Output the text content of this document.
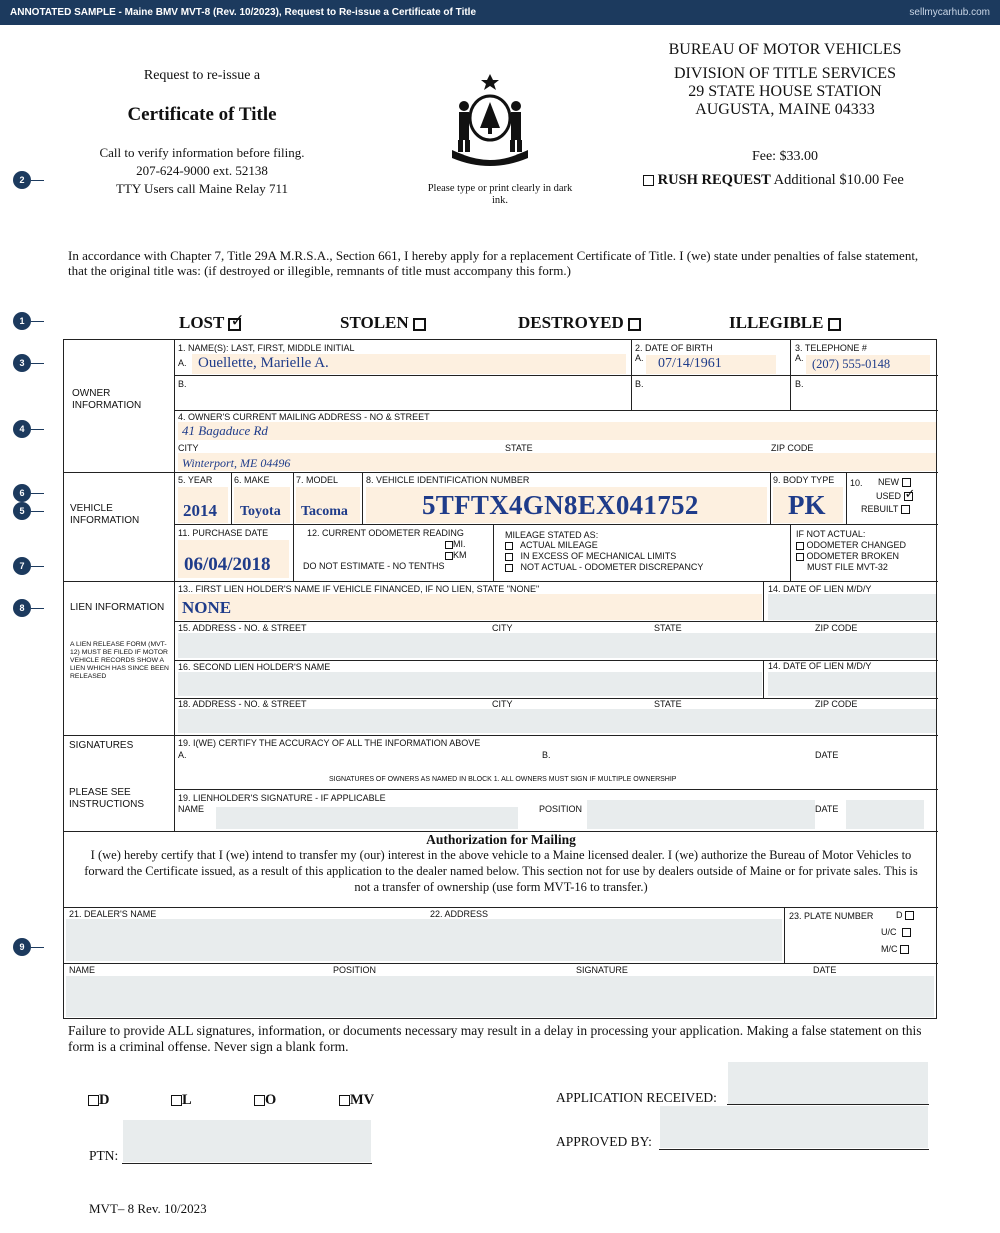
ANNOTATED SAMPLE - Maine BMV MVT-8 (Rev. 10/2023), Request to Re-issue a Certificate of Title	sellmycarhub.com
Request to re-issue a
Certificate of Title
Call to verify information before filing.
207-624-9000 ext. 52138
TTY Users call Maine Relay 711	Please type or print clearly in dark ink.
BUREAU OF MOTOR VEHICLES
DIVISION OF TITLE SERVICES
29 STATE HOUSE STATION
AUGUSTA, MAINE 04333
Fee: $33.00
RUSH REQUEST Additional $10.00 Fee
In accordance with Chapter 7, Title 29A M.R.S.A., Section 661, I hereby apply for a replacement Certificate of Title. I (we) state under penalties of false statement, that the original title was: (if destroyed or illegible, remnants of title must accompany this form.)
LOST ✓	STOLEN	DESTROYED	ILLEGIBLE
1
2
3
4
5
6
7
8
9
OWNER INFORMATION
1. NAME(S): LAST, FIRST, MIDDLE INITIAL
A. Ouellette, Marielle A.
2. DATE OF BIRTH
A. 07/14/1961
3. TELEPHONE #
A. (207) 555-0148
B.	B.	B.
4. OWNER'S CURRENT MAILING ADDRESS - NO & STREET
41 Bagaduce Rd
CITY	STATE	ZIP CODE
Winterport, ME 04496
VEHICLE INFORMATION
5. YEAR
2014
6. MAKE
Toyota
7. MODEL
Tacoma
8. VEHICLE IDENTIFICATION NUMBER
5TFTX4GN8EX041752
9. BODY TYPE
PK
10. NEW
USED ✓
REBUILT
11. PURCHASE DATE
06/04/2018
12. CURRENT ODOMETER READING
MI.
KM
DO NOT ESTIMATE - NO TENTHS
MILEAGE STATED AS:
ACTUAL MILEAGE
IN EXCESS OF MECHANICAL LIMITS
NOT ACTUAL - ODOMETER DISCREPANCY
IF NOT ACTUAL:
ODOMETER CHANGED
ODOMETER BROKEN
MUST FILE MVT-32
LIEN INFORMATION
A LIEN RELEASE FORM (MVT-12) MUST BE FILED IF MOTOR VEHICLE RECORDS SHOW A LIEN WHICH HAS SINCE BEEN RELEASED
13.. FIRST LIEN HOLDER'S NAME IF VEHICLE FINANCED, IF NO LIEN, STATE "NONE"
NONE
14. DATE OF LIEN M/D/Y
15. ADDRESS - NO. & STREET	CITY	STATE	ZIP CODE
16. SECOND LIEN HOLDER'S NAME	14. DATE OF LIEN M/D/Y
18. ADDRESS - NO. & STREET	CITY	STATE	ZIP CODE
SIGNATURES
PLEASE SEE INSTRUCTIONS
19. I(WE) CERTIFY THE ACCURACY OF ALL THE INFORMATION ABOVE
A.	B.	DATE
SIGNATURES OF OWNERS AS NAMED IN BLOCK 1. ALL OWNERS MUST SIGN IF MULTIPLE OWNERSHIP
19. LIENHOLDER'S SIGNATURE - IF APPLICABLE
NAME	POSITION	DATE
Authorization for Mailing
I (we) hereby certify that I (we) intend to transfer my (our) interest in the above vehicle to a Maine licensed dealer. I (we) authorize the Bureau of Motor Vehicles to forward the Certificate issued, as a result of this application to the dealer named below. This section not for use by dealers outside of Maine or for private sales. This is not a transfer of ownership (use form MVT-16 to transfer.)
21. DEALER'S NAME	22. ADDRESS	23. PLATE NUMBER	D
U/C
M/C
NAME	POSITION	SIGNATURE	DATE
Failure to provide ALL signatures, information, or documents necessary may result in a delay in processing your application. Making a false statement on this form is a criminal offense. Never sign a blank form.
D	L	O	MV	APPLICATION RECEIVED:
APPROVED BY:
PTN:
MVT– 8 Rev. 10/2023
